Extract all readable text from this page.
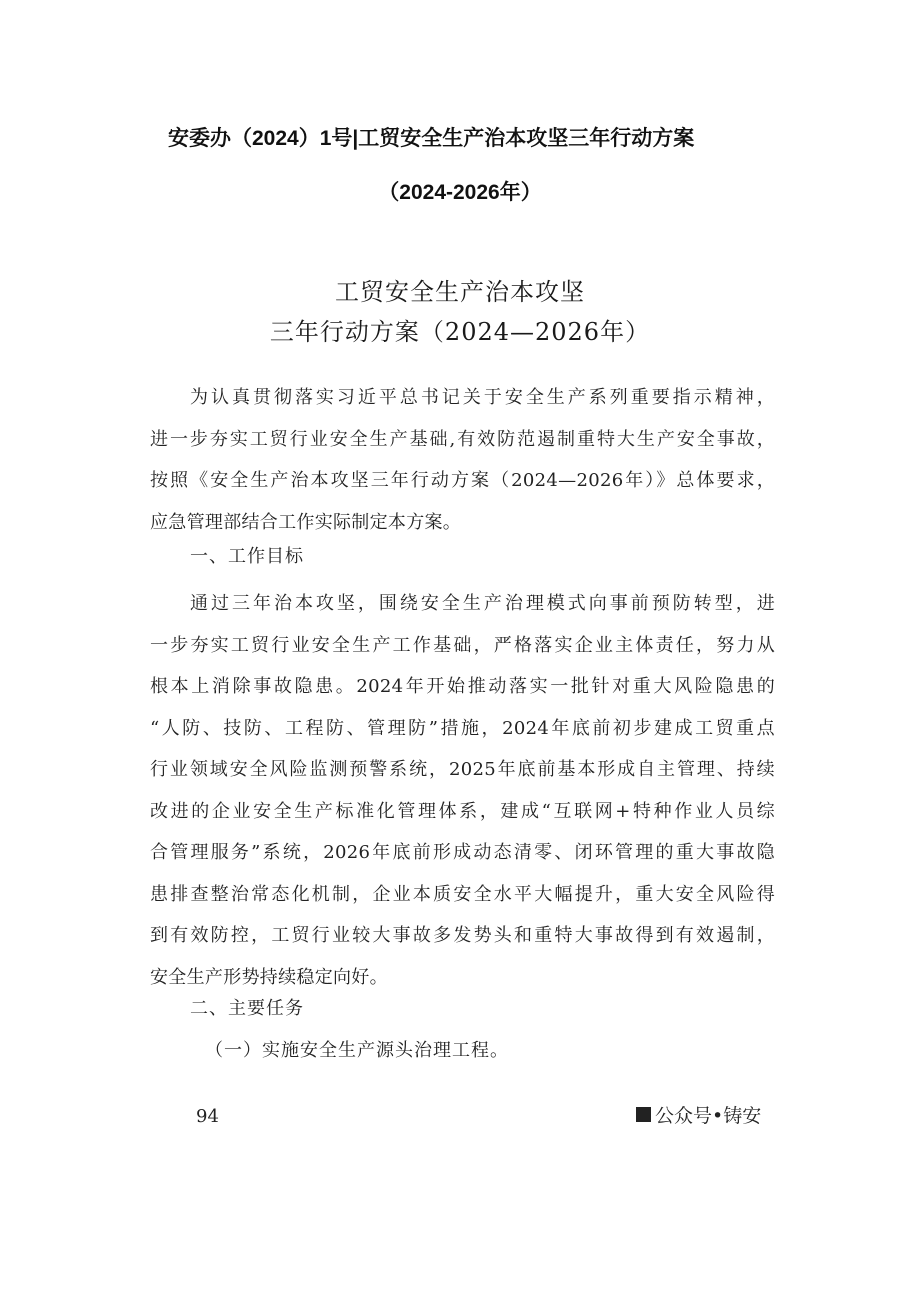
安委办（2024）1号|工贸安全生产治本攻坚三年行动方案
（2024-2026年）
工贸安全生产治本攻坚
三年行动方案（2024—2026年）
为认真贯彻落实习近平总书记关于安全生产系列重要指示精神，
进一步夯实工贸行业安全生产基础,有效防范遏制重特大生产安全事故，
按照《安全生产治本攻坚三年行动方案（2024—2026年）》总体要求，
应急管理部结合工作实际制定本方案。
一、工作目标
通过三年治本攻坚，围绕安全生产治理模式向事前预防转型，进
一步夯实工贸行业安全生产工作基础，严格落实企业主体责任，努力从
根本上消除事故隐患。2024年开始推动落实一批针对重大风险隐患的
“人防、技防、工程防、管理防”措施，2024年底前初步建成工贸重点
行业领域安全风险监测预警系统，2025年底前基本形成自主管理、持续
改进的企业安全生产标准化管理体系，建成“互联网+特种作业人员综
合管理服务”系统，2026年底前形成动态清零、闭环管理的重大事故隐
患排查整治常态化机制，企业本质安全水平大幅提升，重大安全风险得
到有效防控，工贸行业较大事故多发势头和重特大事故得到有效遏制，
安全生产形势持续稳定向好。
二、主要任务
（一）实施安全生产源头治理工程。
94	公众号•铸安
